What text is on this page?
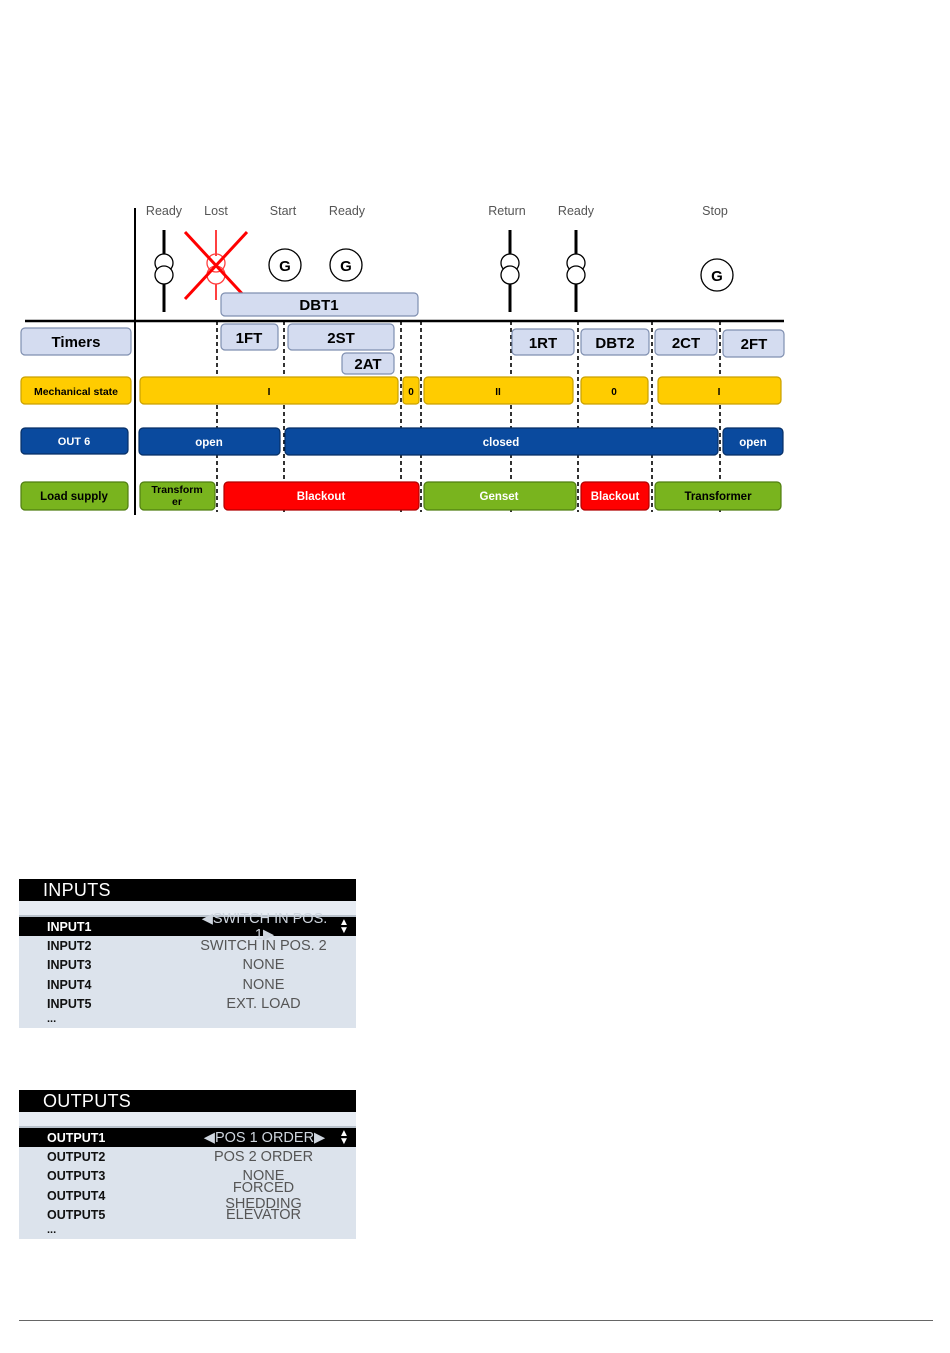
Ready Lost	Start	Ready	Return	Ready	Stop
G	G
G
DBT1
Timers
Mechanical state
OUT 6
Load supply
1FT	2ST
2AT
1RT	DBT2 2CT	2FT
I	0	II	0	I
open	closed	open
Transform er	Blackout	Genset	Blackout	Transformer
INPUTS
INPUT1	◀SWITCH IN POS. 1▶
▲
▼
INPUT2	SWITCH IN POS. 2
INPUT3	NONE
INPUT4	NONE
INPUT5	EXT. LOAD
...
OUTPUTS
OUTPUT1	◀POS 1 ORDER▶	▲
▼
OUTPUT2	POS 2 ORDER
OUTPUT3	NONE
OUTPUT4	FORCED SHEDDING
OUTPUT5	ELEVATOR
...
